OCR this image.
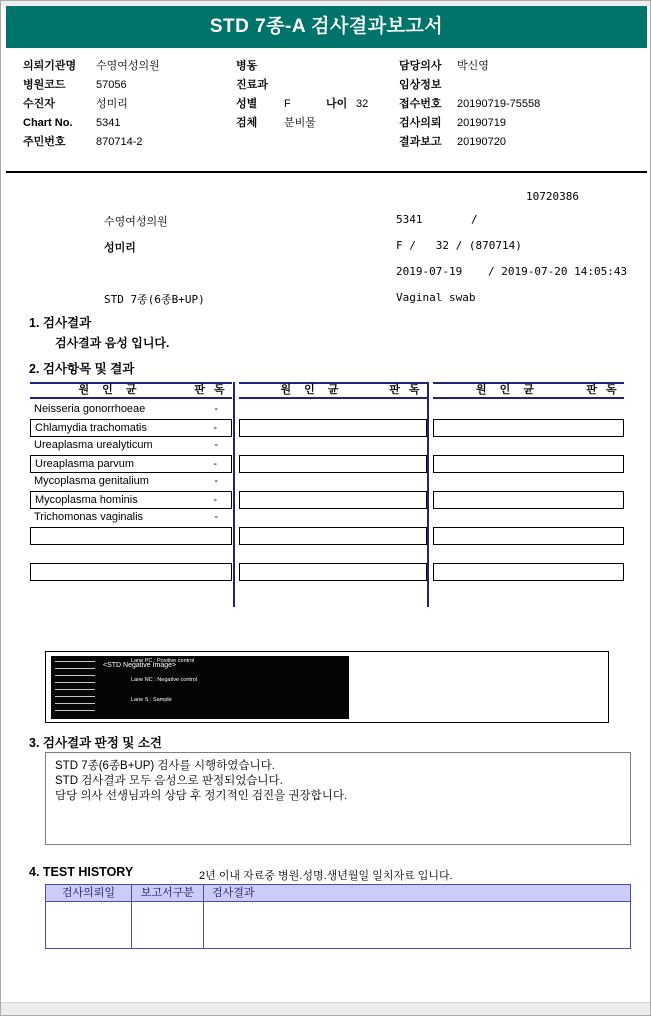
STD 7종-A 검사결과보고서
의뢰기관명	수영여성의원
병원코드	57056
수진자	성미리
Chart No.	5341
주민번호	870714-2
병동
진료과
성별	F	나이 32
검체	분비물
담당의사	박신영
임상정보
접수번호	20190719-75558
검사의뢰	20190719
결과보고	20190720
10720386
수영여성의원	5341	/
성미리	F /   32 / (870714)
2019-07-19 / 2019-07-20 14:05:43
STD 7종(6종B+UP)	Vaginal swab
1. 검사결과
검사결과 음성 입니다.
2. 검사항목 및 결과
원 인 균	판 독
Neisseria gonorrhoeae	-
Chlamydia trachomatis	-
Ureaplasma urealyticum	-
Ureaplasma parvum	-
Mycoplasma genitalium	-
Mycoplasma hominis	-
Trichomonas vaginalis	-
원 인 균	판 독	원 인 균	판 독
<STD Negative Image>

Lane M : Size marker

Lane PC : Positive control

Lane NC : Negative control

Lane S : Sample

3. 검사결과 판정 및 소견
STD 7종(6종B+UP) 검사를 시행하였습니다.
STD 검사결과 모두 음성으로 판정되었습니다.
담당 의사 선생님과의 상담 후 정기적인 검진을 권장합니다.
4. TEST HISTORY	2년 이내 자료중 병원.성명.생년월일 일치자료 입니다.
검사의뢰일	보고서구분	검사결과
